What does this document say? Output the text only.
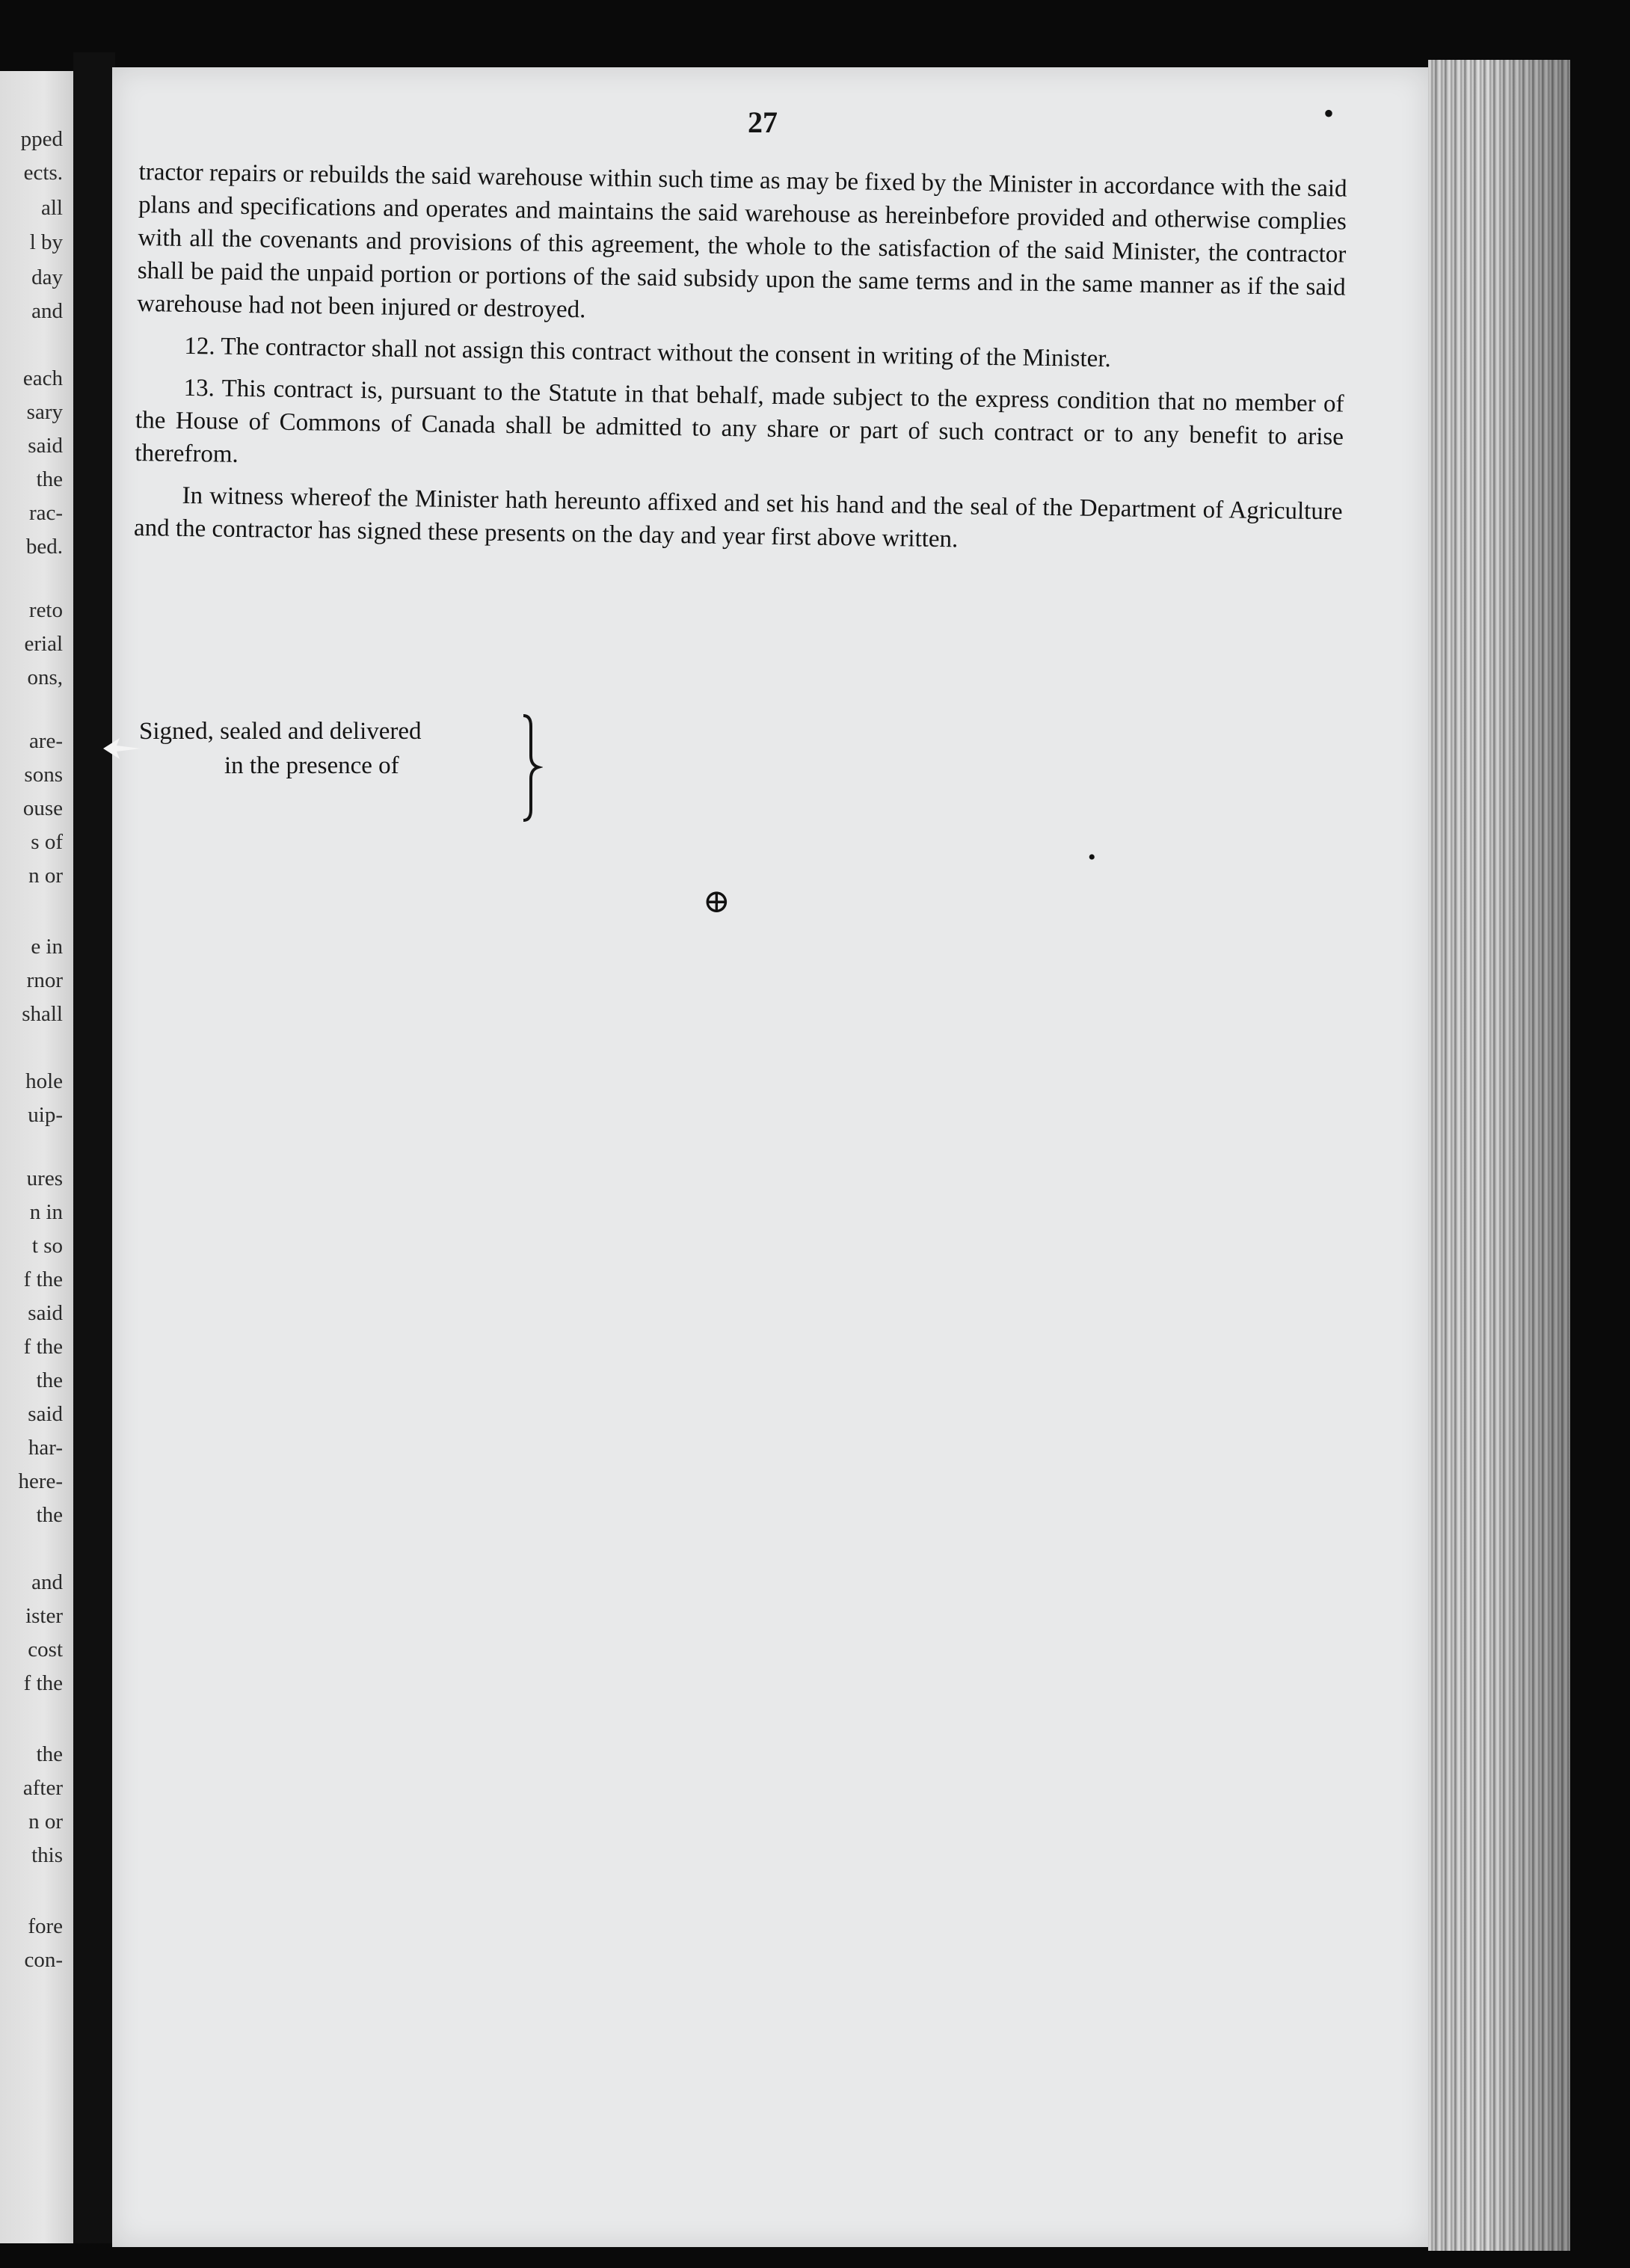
pped
ects.
all
l by
day
and
each
sary
said
the
rac-
bed.
reto
erial
ons,
are-
sons
ouse
s of
n or
e in
rnor
shall
hole
uip-
ures
n in
t so
f the
said
f the
the
said
har-
here-
the
and
ister
cost
f the
the
after
n or
this
fore
con-
27	•

tractor repairs or rebuilds the said warehouse within such time as may be fixed by the Minister in accordance with the said plans and specifications and operates and maintains the said warehouse as hereinbefore provided and otherwise complies with all the covenants and provisions of this agreement, the whole to the satisfaction of the said Minister, the contractor shall be paid the unpaid portion or portions of the said subsidy upon the same terms and in the same manner as if the said warehouse had not been injured or destroyed.

12. The contractor shall not assign this contract without the consent in writing of the Minister.

13. This contract is, pursuant to the Statute in that behalf, made subject to the express condition that no member of the House of Commons of Canada shall be admitted to any share or part of such contract or to any benefit to arise therefrom.

In witness whereof the Minister hath hereunto affixed and set his hand and the seal of the Department of Agriculture and the contractor has signed these presents on the day and year first above written.

Signed, sealed and delivered
in the presence of
•
⊕
